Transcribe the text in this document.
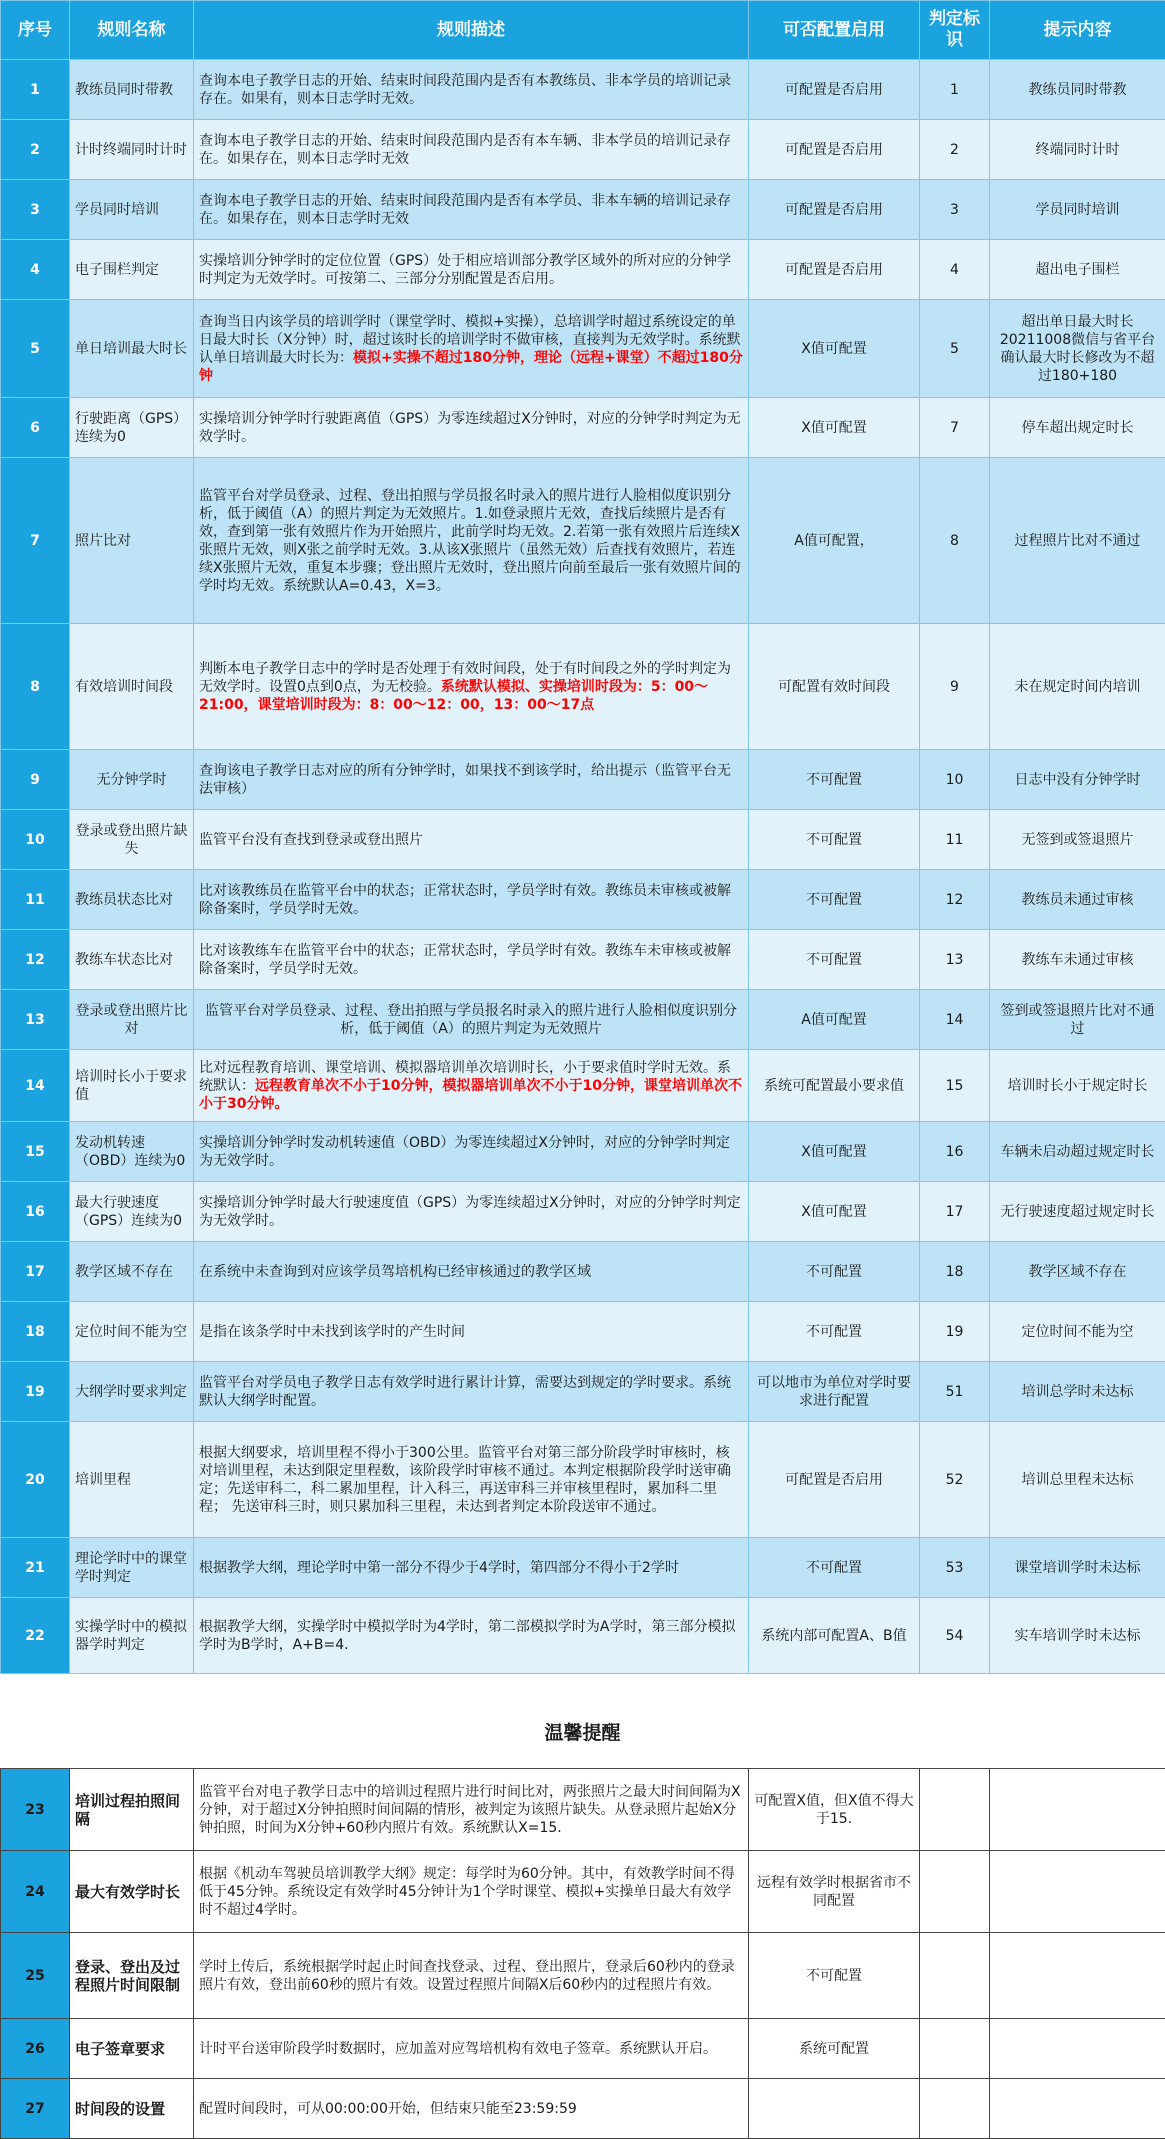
序号	规则名称	规则描述	可否配置启用	判定标识	提示内容
1	教练员同时带教	查询本电子教学日志的开始、结束时间段范围内是否有本教练员、非本学员的培训记录存在。如果有，则本日志学时无效。	可配置是否启用	1	教练员同时带教
2	计时终端同时计时	查询本电子教学日志的开始、结束时间段范围内是否有本车辆、非本学员的培训记录存在。如果存在，则本日志学时无效	可配置是否启用	2	终端同时计时
3	学员同时培训	查询本电子教学日志的开始、结束时间段范围内是否有本学员、非本车辆的培训记录存在。如果存在，则本日志学时无效	可配置是否启用	3	学员同时培训
4	电子围栏判定	实操培训分钟学时的定位位置（GPS）处于相应培训部分教学区域外的所对应的分钟学时判定为无效学时。可按第二、三部分分别配置是否启用。	可配置是否启用	4	超出电子围栏
5	单日培训最大时长	查询当日内该学员的培训学时（课堂学时、模拟+实操），总培训学时超过系统设定的单日最大时长（X分钟）时，超过该时长的培训学时不做审核，直接判为无效学时。系统默认单日培训最大时长为：模拟+实操不超过180分钟，理论（远程+课堂）不超过180分钟	X值可配置	5	超出单日最大时长20211008微信与省平台确认最大时长修改为不超过180+180
6	行驶距离（GPS）连续为0	实操培训分钟学时行驶距离值（GPS）为零连续超过X分钟时，对应的分钟学时判定为无效学时。	X值可配置	7	停车超出规定时长
7	照片比对	监管平台对学员登录、过程、登出拍照与学员报名时录入的照片进行人脸相似度识别分析，低于阈值（A）的照片判定为无效照片。1.如登录照片无效，查找后续照片是否有效，查到第一张有效照片作为开始照片，此前学时均无效。2.若第一张有效照片后连续X张照片无效，则X张之前学时无效。3.从该X张照片（虽然无效）后查找有效照片，若连续X张照片无效，重复本步骤；登出照片无效时，登出照片向前至最后一张有效照片间的学时均无效。系统默认A=0.43，X=3。	A值可配置，	8	过程照片比对不通过
8	有效培训时间段	判断本电子教学日志中的学时是否处理于有效时间段，处于有时间段之外的学时判定为无效学时。设置0点到0点，为无校验。系统默认模拟、实操培训时段为：5：00～21:00，课堂培训时段为：8：00～12：00，13：00～17点	可配置有效时间段	9	未在规定时间内培训
9	无分钟学时	查询该电子教学日志对应的所有分钟学时，如果找不到该学时，给出提示（监管平台无法审核）	不可配置	10	日志中没有分钟学时
10	登录或登出照片缺失	监管平台没有查找到登录或登出照片	不可配置	11	无签到或签退照片
11	教练员状态比对	比对该教练员在监管平台中的状态；正常状态时，学员学时有效。教练员未审核或被解除备案时，学员学时无效。	不可配置	12	教练员未通过审核
12	教练车状态比对	比对该教练车在监管平台中的状态；正常状态时，学员学时有效。教练车未审核或被解除备案时，学员学时无效。	不可配置	13	教练车未通过审核
13	登录或登出照片比对	监管平台对学员登录、过程、登出拍照与学员报名时录入的照片进行人脸相似度识别分析，低于阈值（A）的照片判定为无效照片	A值可配置	14	签到或签退照片比对不通过
14	培训时长小于要求值	比对远程教育培训、课堂培训、模拟器培训单次培训时长，小于要求值时学时无效。系统默认：远程教育单次不小于10分钟，模拟器培训单次不小于10分钟，课堂培训单次不小于30分钟。	系统可配置最小要求值	15	培训时长小于规定时长
15	发动机转速（OBD）连续为0	实操培训分钟学时发动机转速值（OBD）为零连续超过X分钟时，对应的分钟学时判定为无效学时。	X值可配置	16	车辆未启动超过规定时长
16	最大行驶速度（GPS）连续为0	实操培训分钟学时最大行驶速度值（GPS）为零连续超过X分钟时，对应的分钟学时判定为无效学时。	X值可配置	17	无行驶速度超过规定时长
17	教学区域不存在	在系统中未查询到对应该学员驾培机构已经审核通过的教学区域	不可配置	18	教学区域不存在
18	定位时间不能为空	是指在该条学时中未找到该学时的产生时间	不可配置	19	定位时间不能为空
19	大纲学时要求判定	监管平台对学员电子教学日志有效学时进行累计计算，需要达到规定的学时要求。系统默认大纲学时配置。	可以地市为单位对学时要求进行配置	51	培训总学时未达标
20	培训里程	根据大纲要求，培训里程不得小于300公里。监管平台对第三部分阶段学时审核时，核对培训里程，未达到限定里程数，该阶段学时审核不通过。本判定根据阶段学时送审确定；先送审科二，科二累加里程，计入科三，再送审科三并审核里程时，累加科二里程； 先送审科三时，则只累加科三里程，未达到者判定本阶段送审不通过。	可配置是否启用	52	培训总里程未达标
21	理论学时中的课堂学时判定	根据教学大纲，理论学时中第一部分不得少于4学时，第四部分不得小于2学时	不可配置	53	课堂培训学时未达标
22	实操学时中的模拟器学时判定	根据教学大纲，实操学时中模拟学时为4学时，第二部模拟学时为A学时，第三部分模拟学时为B学时，A+B=4.	系统内部可配置A、B值	54	实车培训学时未达标
温馨提醒
23	培训过程拍照间隔	监管平台对电子教学日志中的培训过程照片进行时间比对，两张照片之最大时间间隔为X分钟，对于超过X分钟拍照时间间隔的情形，被判定为该照片缺失。从登录照片起始X分钟拍照，时间为X分钟+60秒内照片有效。系统默认X=15.	可配置X值，但X值不得大于15.		
24	最大有效学时长	根据《机动车驾驶员培训教学大纲》规定：每学时为60分钟。其中，有效教学时间不得低于45分钟。系统设定有效学时45分钟计为1个学时课堂、模拟+实操单日最大有效学时不超过4学时。	远程有效学时根据省市不同配置		
25	登录、登出及过程照片时间限制	学时上传后，系统根据学时起止时间查找登录、过程、登出照片，登录后60秒内的登录照片有效，登出前60秒的照片有效。设置过程照片间隔X后60秒内的过程照片有效。	不可配置		
26	电子签章要求	计时平台送审阶段学时数据时，应加盖对应驾培机构有效电子签章。系统默认开启。	系统可配置		
27	时间段的设置	配置时间段时，可从00:00:00开始，但结束只能至23:59:59			
